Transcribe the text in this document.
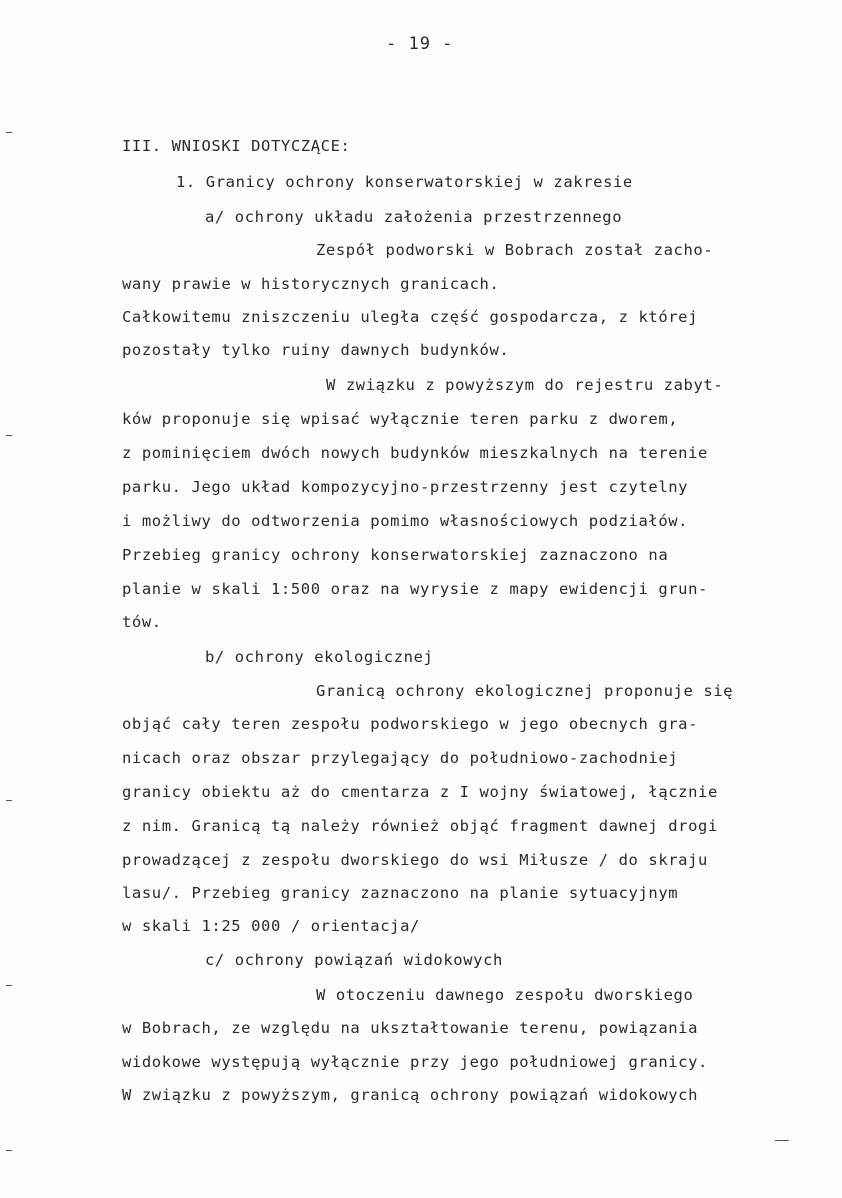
- 19 -
III. WNIOSKI DOTYCZĄCE:
1. Granicy ochrony konserwatorskiej w zakresie
a/ ochrony układu założenia przestrzennego
Zespół podworski w Bobrach został zacho-
wany prawie w historycznych granicach.
Całkowitemu zniszczeniu uległa część gospodarcza, z której
pozostały tylko ruiny dawnych budynków.
W związku z powyższym do rejestru zabyt-
ków proponuje się wpisać wyłącznie teren parku z dworem,
z pominięciem dwóch nowych budynków mieszkalnych na terenie
parku. Jego układ kompozycyjno-przestrzenny jest czytelny
i możliwy do odtworzenia pomimo własnościowych podziałów.
Przebieg granicy ochrony konserwatorskiej zaznaczono na
planie w skali 1:500 oraz na wyrysie z mapy ewidencji grun-
tów.
b/ ochrony ekologicznej
Granicą ochrony ekologicznej proponuje się
objąć cały teren zespołu podworskiego w jego obecnych gra-
nicach oraz obszar przylegający do południowo-zachodniej
granicy obiektu aż do cmentarza z I wojny światowej, łącznie
z nim. Granicą tą należy również objąć fragment dawnej drogi
prowadzącej z zespołu dworskiego do wsi Miłusze / do skraju
lasu/. Przebieg granicy zaznaczono na planie sytuacyjnym
w skali 1:25 000 / orientacja/
c/ ochrony powiązań widokowych
W otoczeniu dawnego zespołu dworskiego
w Bobrach, ze względu na ukształtowanie terenu, powiązania
widokowe występują wyłącznie przy jego południowej granicy.
W związku z powyższym, granicą ochrony powiązań widokowych
